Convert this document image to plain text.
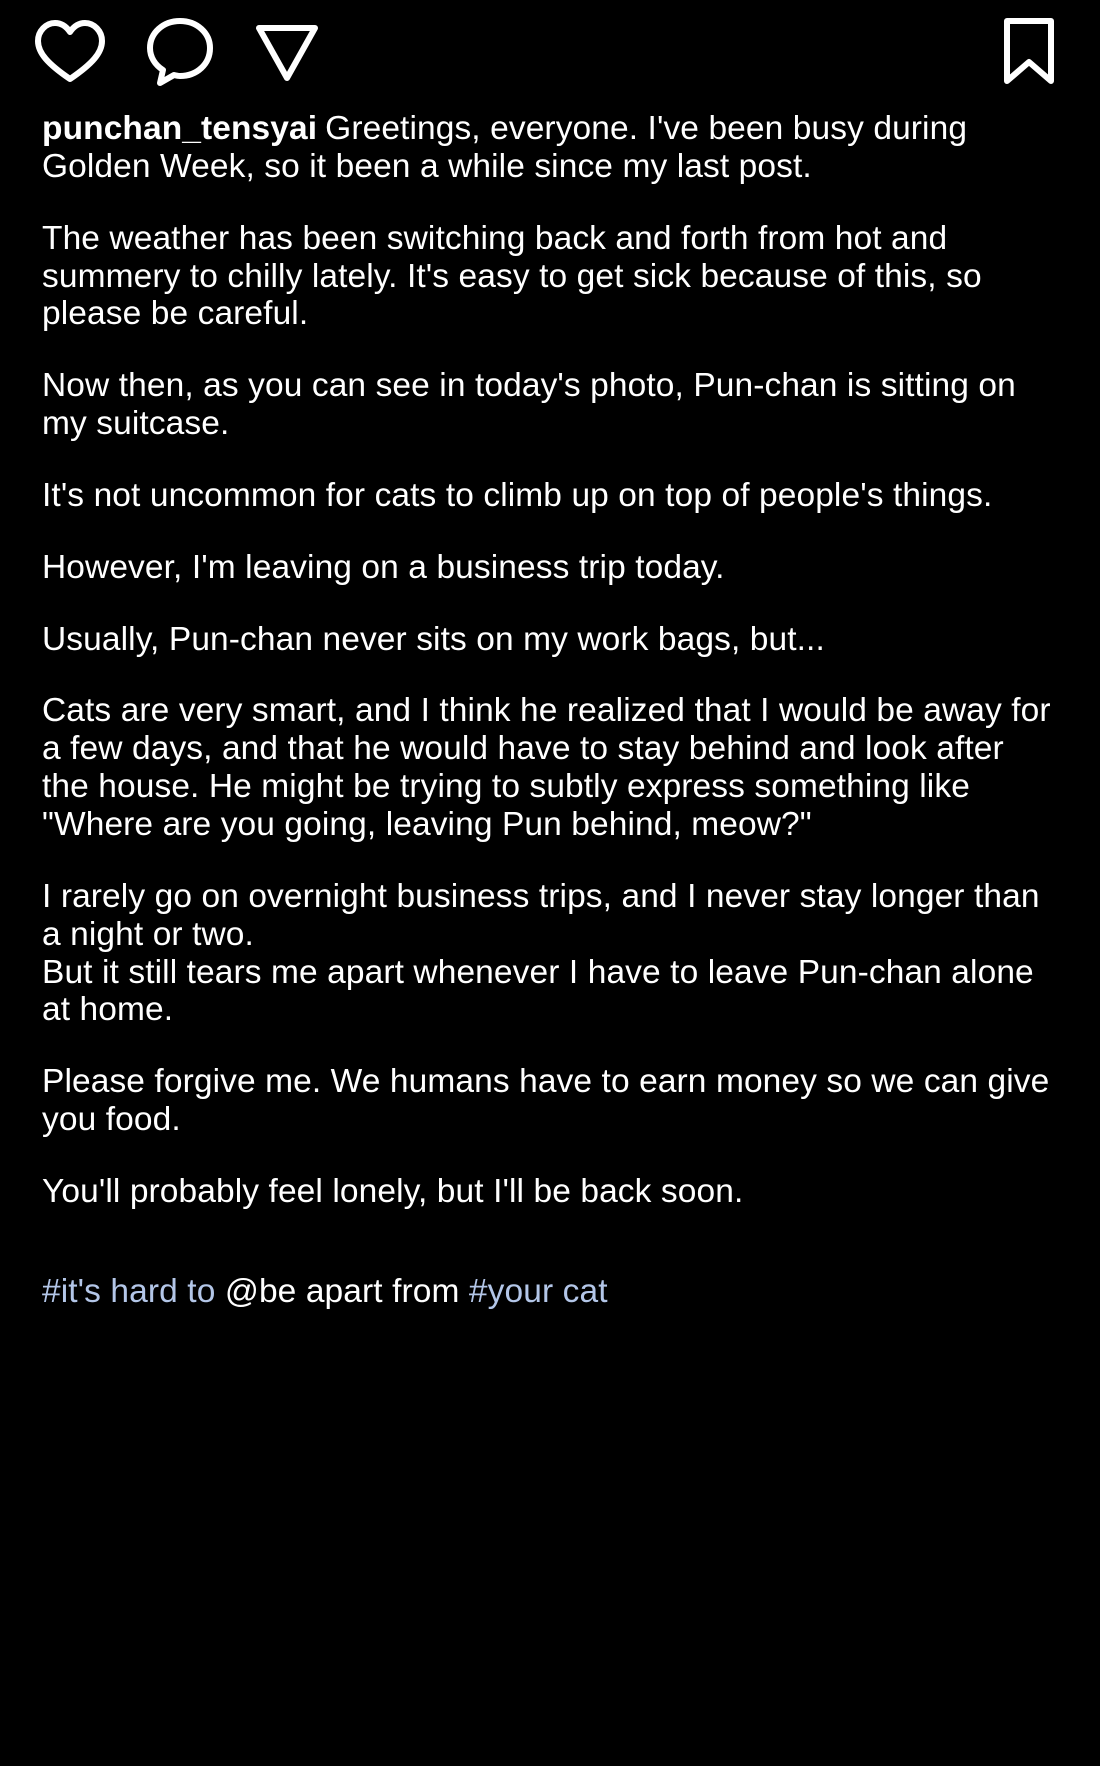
punchan_tensyai Greetings, everyone. I've been busy during Golden Week, so it been a while since my last post.

The weather has been switching back and forth from hot and summery to chilly lately. It's easy to get sick because of this, so please be careful.

Now then, as you can see in today's photo, Pun-chan is sitting on my suitcase.

It's not uncommon for cats to climb up on top of people's things.

However, I'm leaving on a business trip today.

Usually, Pun-chan never sits on my work bags, but...

Cats are very smart, and I think he realized that I would be away for a few days, and that he would have to stay behind and look after the house. He might be trying to subtly express something like "Where are you going, leaving Pun behind, meow?"

I rarely go on overnight business trips, and I never stay longer than a night or two.

But it still tears me apart whenever I have to leave Pun-chan alone at home.

Please forgive me. We humans have to earn money so we can give you food.

You'll probably feel lonely, but I'll be back soon.

#it's hard to @be apart from #your cat
